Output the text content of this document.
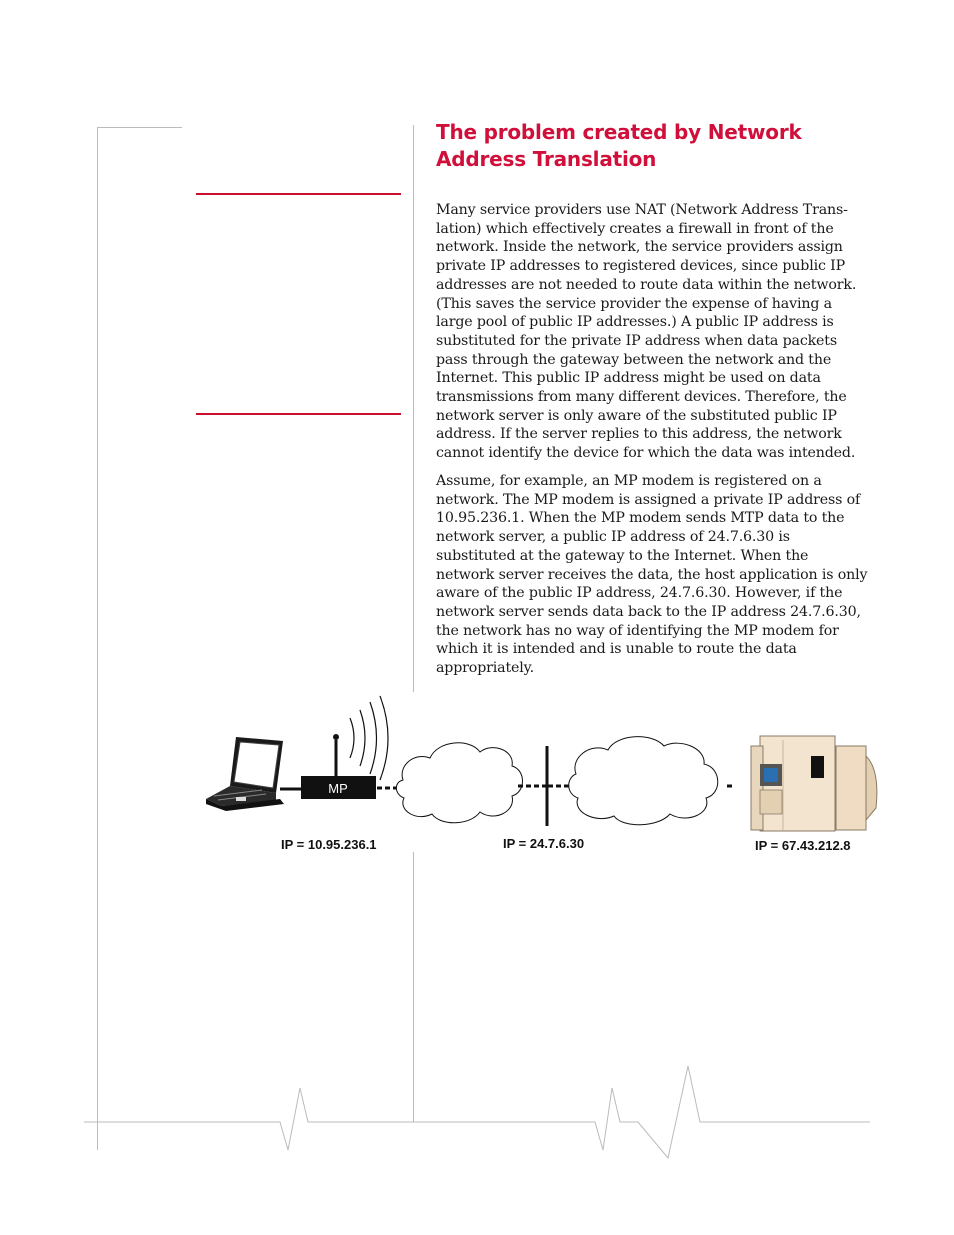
The problem created by Network Address Translation

Many service providers use NAT (Network Address Trans-lation) which effectively creates a firewall in front of the network. Inside the network, the service providers assign private IP addresses to registered devices, since public IP addresses are not needed to route data within the network. (This saves the service provider the expense of having a large pool of public IP addresses.) A public IP address is substituted for the private IP address when data packets pass through the gateway between the network and the Internet. This public IP address might be used on data transmissions from many different devices. Therefore, the network server is only aware of the substituted public IP address. If the server replies to this address, the network cannot identify the device for which the data was intended.

Assume, for example, an MP modem is registered on a network. The MP modem is assigned a private IP address of 10.95.236.1. When the MP modem sends MTP data to the network server, a public IP address of 24.7.6.30 is substituted at the gateway to the Internet. When the network server receives the data, the host application is only aware of the public IP address, 24.7.6.30. However, if the network server sends data back to the IP address 24.7.6.30, the network has no way of identifying the MP modem for which it is intended and is unable to route the data appropriately.

MP
IP = 10.95.236.1	IP = 24.7.6.30	IP = 67.43.212.8
